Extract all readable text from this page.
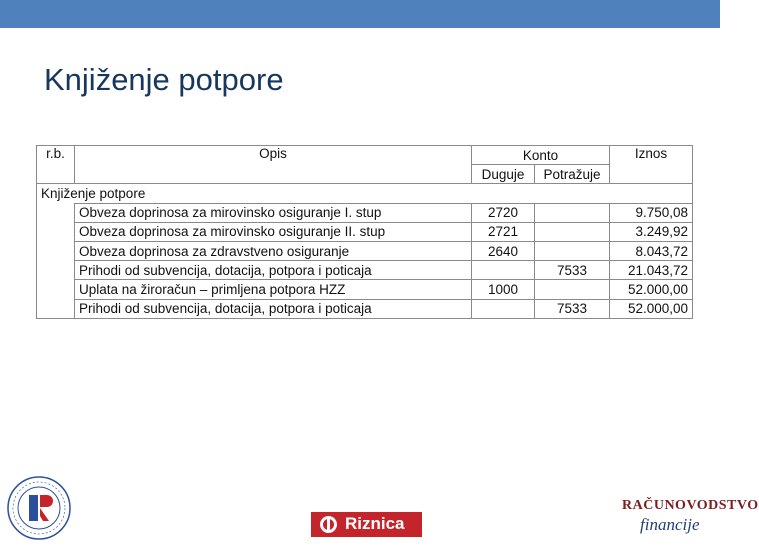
Knjiženje potpore
r.b.	Opis	Konto		Iznos
		Duguje	Potražuje	
Knjiženje potpore				
	Obveza doprinosa za mirovinsko osiguranje I. stup	2720		9.750,08
	Obveza doprinosa za mirovinsko osiguranje II. stup	2721		3.249,92
	Obveza doprinosa za zdravstveno osiguranje	2640		8.043,72
	Prihodi od subvencija, dotacija, potpora i poticaja		7533	21.043,72
	Uplata na žiroračun – primljena potpora HZZ	1000		52.000,00
	Prihodi od subvencija, dotacija, potpora i poticaja		7533	52.000,00
Riznica
RAČUNOVODSTVO
financije
